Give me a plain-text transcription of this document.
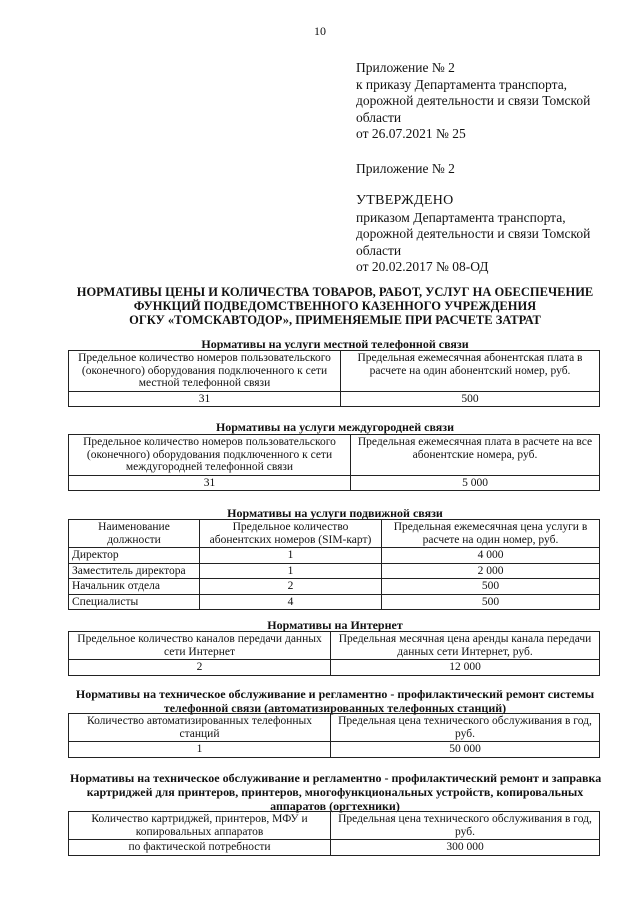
10
Приложение № 2
к приказу Департамента транспорта,
дорожной деятельности и связи Томской
области
от 26.07.2021 № 25
Приложение № 2
УТВЕРЖДЕНО
приказом Департамента транспорта,
дорожной деятельности и связи Томской
области
от 20.02.2017 № 08-ОД
НОРМАТИВЫ ЦЕНЫ И КОЛИЧЕСТВА ТОВАРОВ, РАБОТ, УСЛУГ НА ОБЕСПЕЧЕНИЕ
ФУНКЦИЙ ПОДВЕДОМСТВЕННОГО КАЗЕННОГО УЧРЕЖДЕНИЯ
ОГКУ «ТОМСКАВТОДОР», ПРИМЕНЯЕМЫЕ ПРИ РАСЧЕТЕ ЗАТРАТ
Нормативы на услуги местной телефонной связи
Предельное количество номеров пользовательского (оконечного) оборудования подключенного к сети местной телефонной связи	Предельная ежемесячная абонентская плата в расчете на один абонентский номер, руб.
31	500
Нормативы на услуги междугородней связи
Предельное количество номеров пользовательского (оконечного) оборудования подключенного к сети междугородней телефонной связи	Предельная ежемесячная плата в расчете на все абонентские номера, руб.
31	5 000
Нормативы на услуги подвижной связи
Наименование должности	Предельное количество абонентских номеров (SIM-карт)	Предельная ежемесячная цена услуги в расчете на один номер, руб.
Директор	1	4 000
Заместитель директора	1	2 000
Начальник отдела	2	500
Специалисты	4	500
Нормативы на Интернет
Предельное количество каналов передачи данных сети Интернет	Предельная месячная цена аренды канала передачи данных сети Интернет, руб.
2	12 000
Нормативы на техническое обслуживание и регламентно - профилактический ремонт системы
телефонной связи (автоматизированных телефонных станций)
Количество автоматизированных телефонных станций	Предельная цена технического обслуживания в год, руб.
1	50 000
Нормативы на техническое обслуживание и регламентно - профилактический ремонт и заправка
картриджей для принтеров, принтеров, многофункциональных устройств, копировальных
аппаратов (оргтехники)
Количество картриджей, принтеров, МФУ и копировальных аппаратов	Предельная цена технического обслуживания в год, руб.
по фактической потребности	300 000
